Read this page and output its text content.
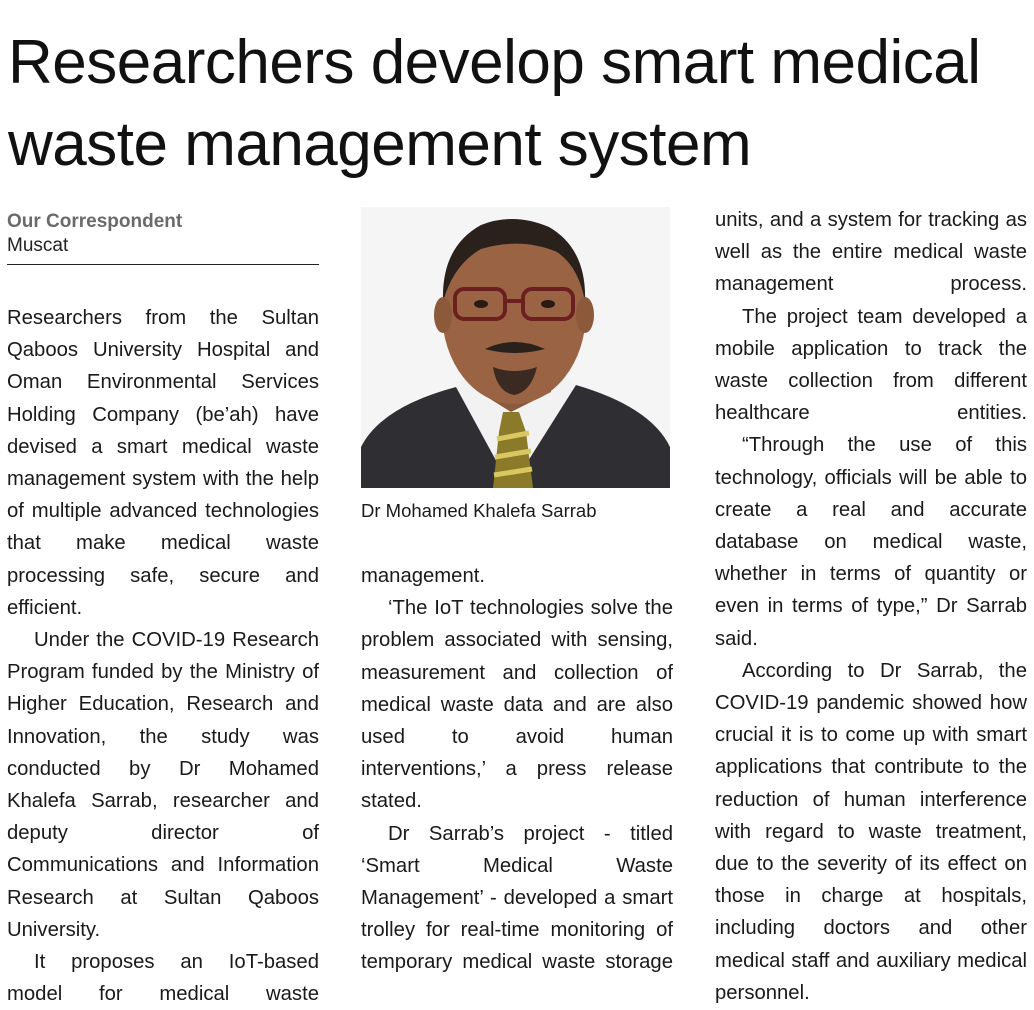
Researchers develop smart medical
waste management system
Our Correspondent
Muscat

Researchers from the Sultan Qaboos University Hospital and Oman Environmental Services Holding Company (be’ah) have devised a smart medical waste management system with the help of multiple advanced technologies that make medical waste processing safe, secure and efficient.

Under the COVID-19 Research Program funded by the Ministry of Higher Education, Research and Innovation, the study was conducted by Dr Mohamed Khalefa Sarrab, researcher and deputy director of Communications and Information Research at Sultan Qaboos University.

It proposes an IoT-based model for medical waste

Dr Mohamed Khalefa Sarrab

management.

‘The IoT technologies solve the problem associated with sensing, measurement and collection of medical waste data and are also used to avoid human interventions,’ a press release stated.

Dr Sarrab’s project - titled ‘Smart Medical Waste Management’ - developed a smart trolley for real-time monitoring of temporary medical waste storage

units, and a system for tracking as well as the entire medical waste management process.

The project team developed a mobile application to track the waste collection from different healthcare entities.

“Through the use of this technology, officials will be able to create a real and accurate database on medical waste, whether in terms of quantity or even in terms of type,” Dr Sarrab said.

According to Dr Sarrab, the COVID-19 pandemic showed how crucial it is to come up with smart applications that contribute to the reduction of human interference with regard to waste treatment, due to the severity of its effect on those in charge at hospitals, including doctors and other medical staff and auxiliary medical personnel.
